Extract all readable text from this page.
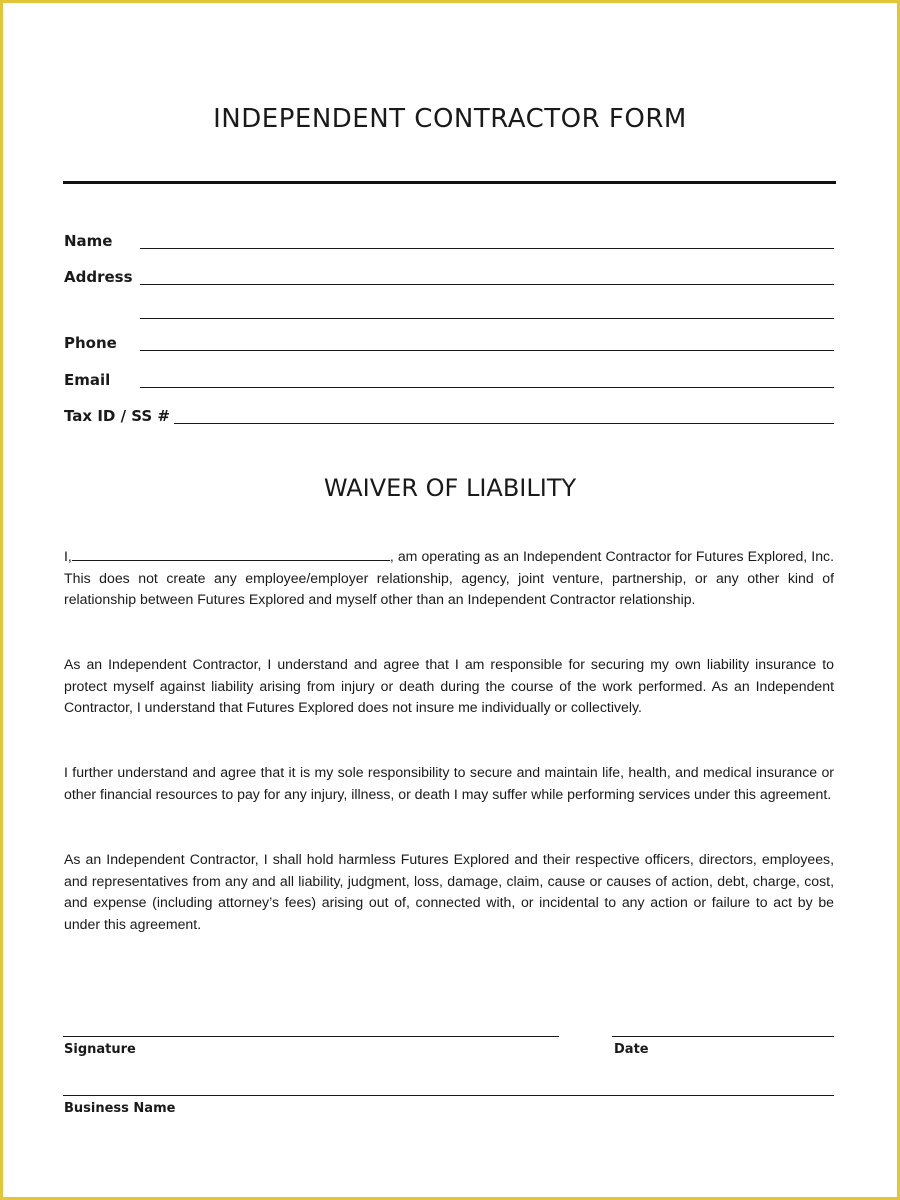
INDEPENDENT CONTRACTOR FORM
Name
Address
Phone
Email
Tax ID / SS #
WAIVER OF LIABILITY
I,	, am operating as an Independent Contractor for Futures Explored, Inc. This does not create any employee/employer relationship, agency, joint venture, partnership, or any other kind of relationship between Futures Explored and myself other than an Independent Contractor relationship.
As an Independent Contractor, I understand and agree that I am responsible for securing my own liability insurance to protect myself against liability arising from injury or death during the course of the work performed. As an Independent Contractor, I understand that Futures Explored does not insure me individually or collectively.
I further understand and agree that it is my sole responsibility to secure and maintain life, health, and medical insurance or other financial resources to pay for any injury, illness, or death I may suffer while performing services under this agreement.
As an Independent Contractor, I shall hold harmless Futures Explored and their respective officers, directors, employees, and representatives from any and all liability, judgment, loss, damage, claim, cause or causes of action, debt, charge, cost, and expense (including attorney’s fees) arising out of, connected with, or incidental to any action or failure to act by be under this agreement.
Signature	Date
Business Name
